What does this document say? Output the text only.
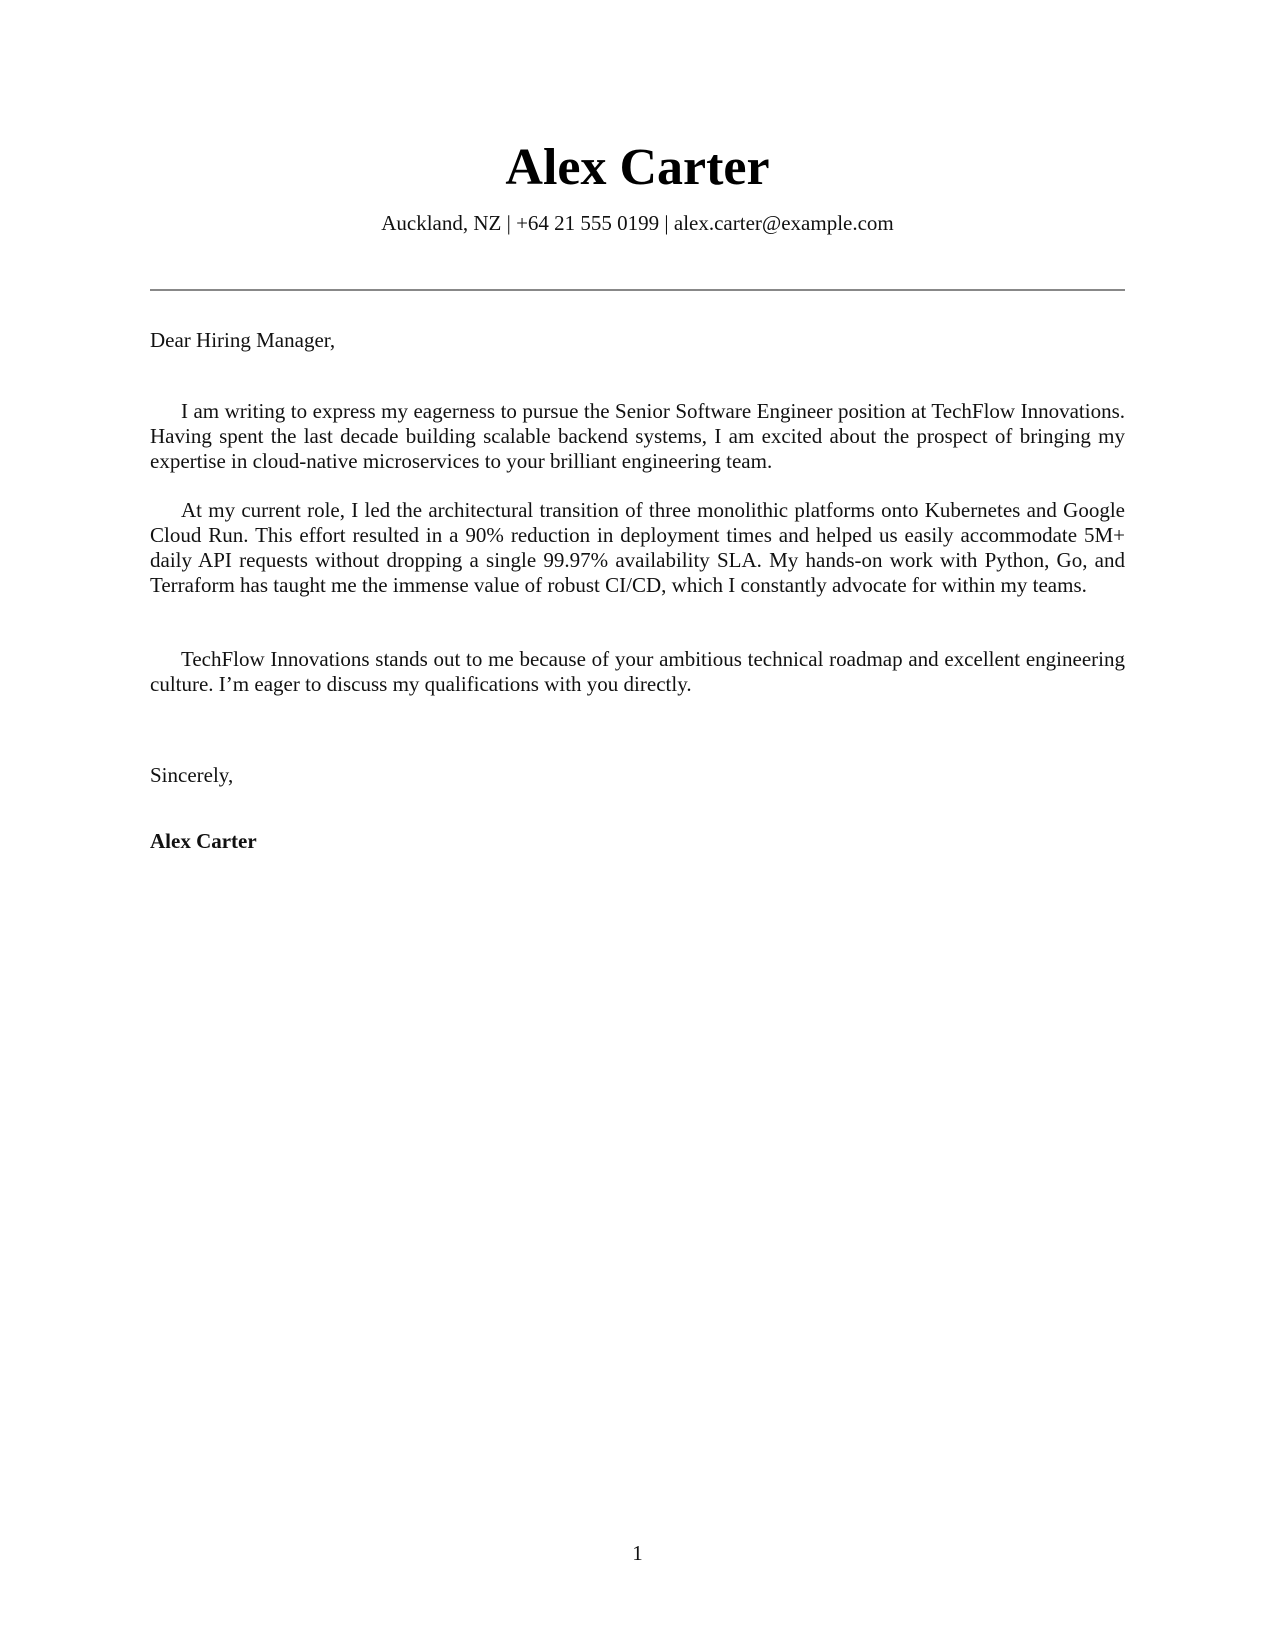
Alex Carter
Auckland, NZ | +64 21 555 0199 | alex.carter@example.com
Dear Hiring Manager,
I am writing to express my eagerness to pursue the Senior Software Engineer position at TechFlow Innovations. Having spent the last decade building scalable backend systems, I am excited about the prospect of bringing my expertise in cloud-native microservices to your brilliant engineering team.
At my current role, I led the architectural transition of three monolithic platforms onto Kubernetes and Google Cloud Run. This effort resulted in a 90% reduction in deployment times and helped us easily accommodate 5M+ daily API requests without dropping a single 99.97% availability SLA. My hands-on work with Python, Go, and Terraform has taught me the immense value of robust CI/CD, which I constantly advocate for within my teams.
TechFlow Innovations stands out to me because of your ambitious technical roadmap and excellent engineering culture. I’m eager to discuss my qualifications with you directly.
Sincerely,
Alex Carter
1
